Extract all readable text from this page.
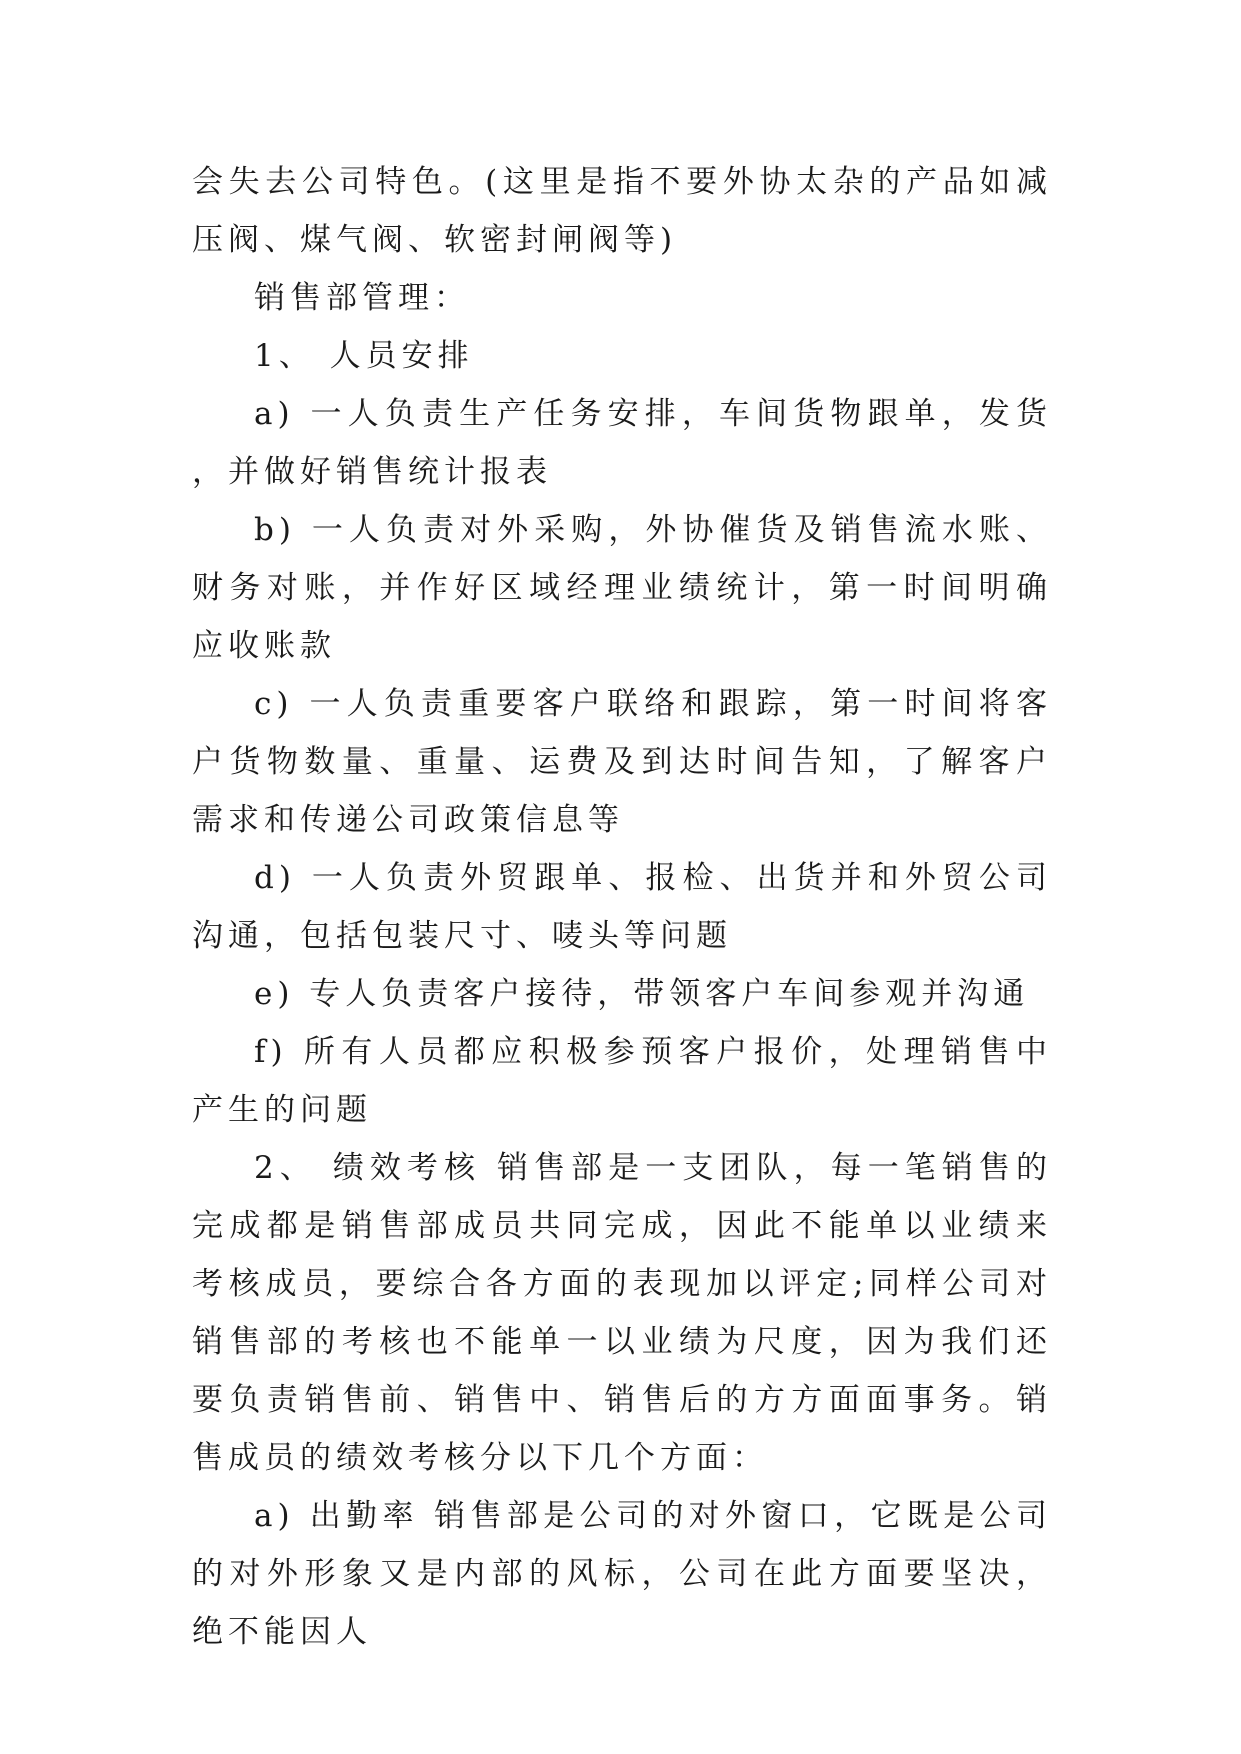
会失去公司特色。(这里是指不要外协太杂的产品如减压阀、煤气阀、软密封闸阀等)

销售部管理：

1、 人员安排

a) 一人负责生产任务安排，车间货物跟单，发货，并做好销售统计报表

b) 一人负责对外采购，外协催货及销售流水账、财务对账，并作好区域经理业绩统计，第一时间明确应收账款

c) 一人负责重要客户联络和跟踪，第一时间将客户货物数量、重量、运费及到达时间告知，了解客户需求和传递公司政策信息等

d) 一人负责外贸跟单、报检、出货并和外贸公司沟通，包括包装尺寸、唛头等问题

e) 专人负责客户接待，带领客户车间参观并沟通

f) 所有人员都应积极参预客户报价，处理销售中产生的问题

2、 绩效考核 销售部是一支团队，每一笔销售的完成都是销售部成员共同完成，因此不能单以业绩来考核成员，要综合各方面的表现加以评定;同样公司对销售部的考核也不能单一以业绩为尺度，因为我们还要负责销售前、销售中、销售后的方方面面事务。销售成员的绩效考核分以下几个方面：

a) 出勤率 销售部是公司的对外窗口，它既是公司的对外形象又是内部的风标，公司在此方面要坚决，绝不能因人
